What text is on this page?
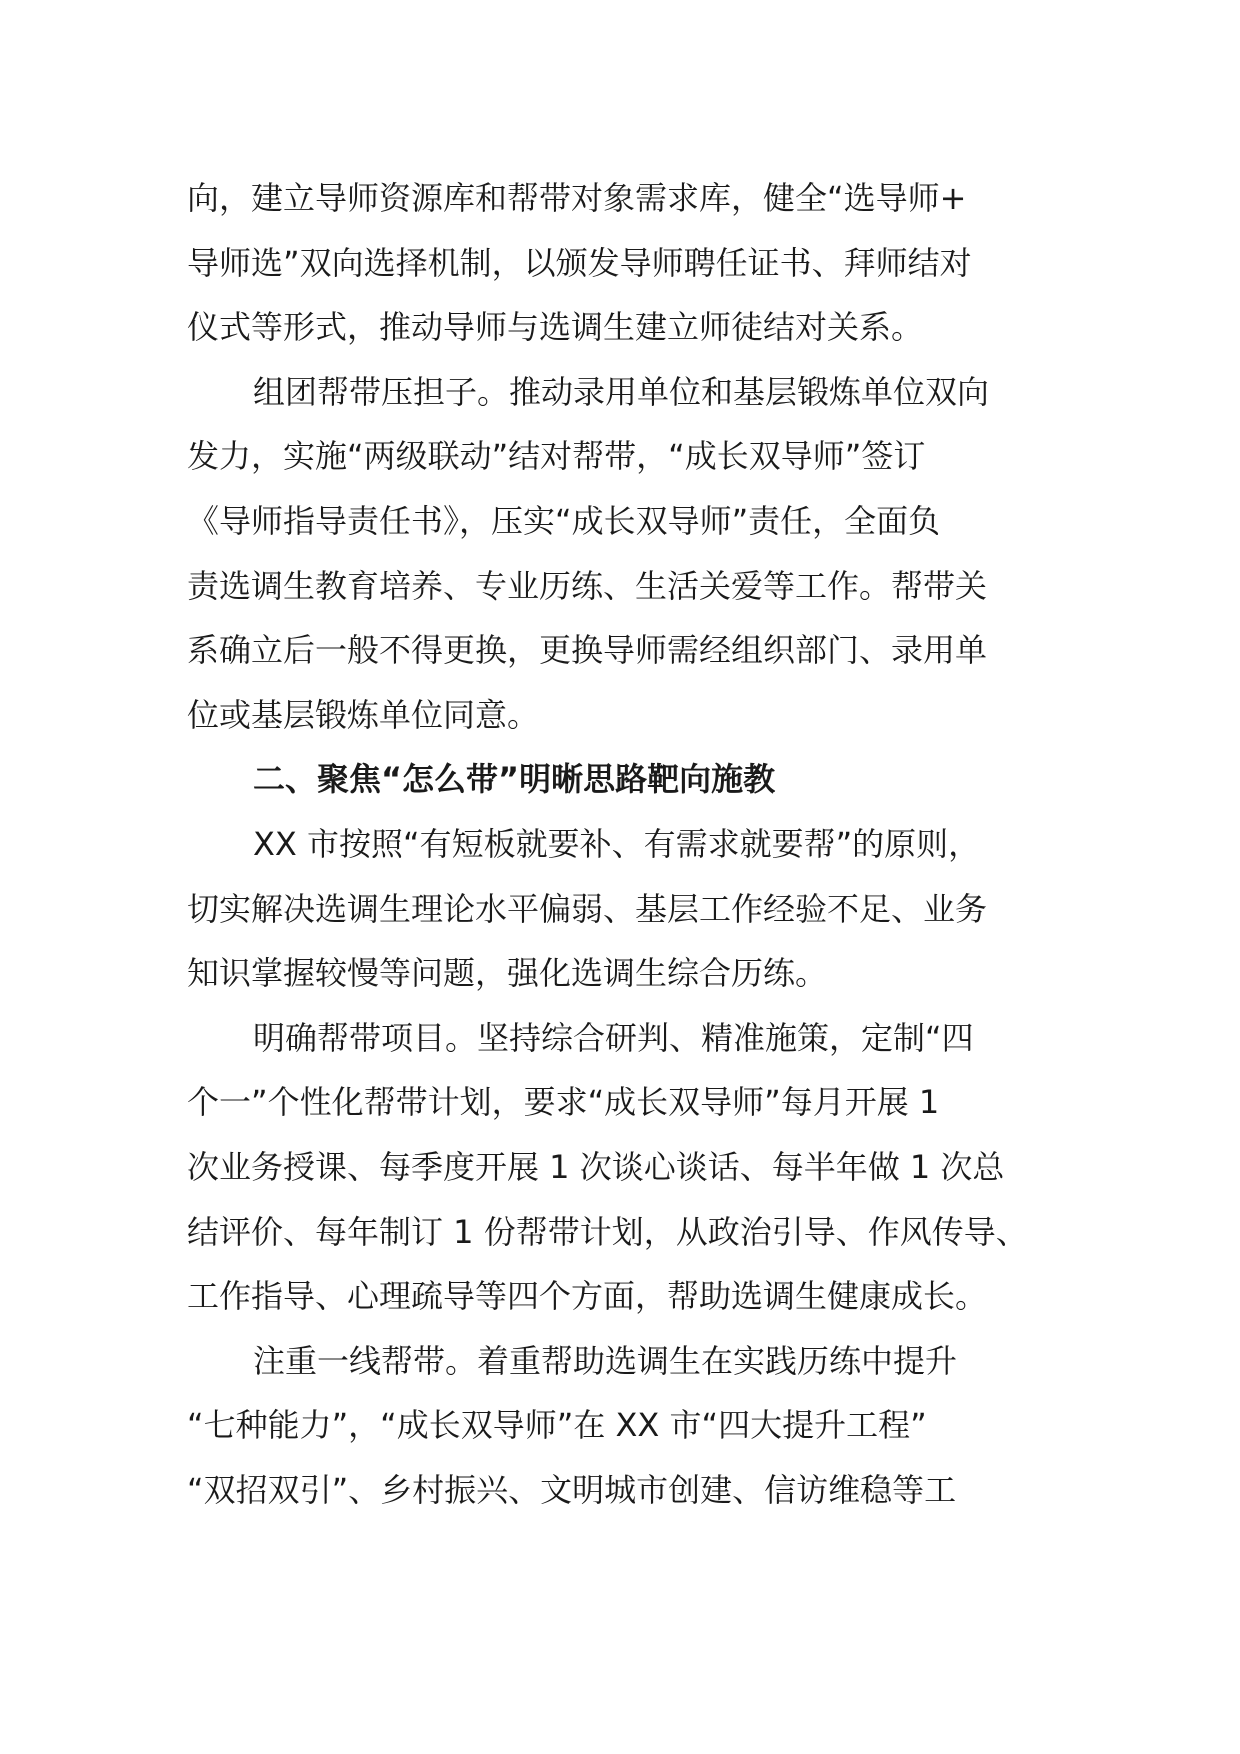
向，建立导师资源库和帮带对象需求库，健全“选导师+
导师选”双向选择机制，以颁发导师聘任证书、拜师结对
仪式等形式，推动导师与选调生建立师徒结对关系。
组团帮带压担子。推动录用单位和基层锻炼单位双向
发力，实施“两级联动”结对帮带，“成长双导师”签订
《导师指导责任书》，压实“成长双导师”责任，全面负
责选调生教育培养、专业历练、生活关爱等工作。帮带关
系确立后一般不得更换，更换导师需经组织部门、录用单
位或基层锻炼单位同意。
二、聚焦“怎么带”明晰思路靶向施教
XX 市按照“有短板就要补、有需求就要帮”的原则，
切实解决选调生理论水平偏弱、基层工作经验不足、业务
知识掌握较慢等问题，强化选调生综合历练。
明确帮带项目。坚持综合研判、精准施策，定制“四
个一”个性化帮带计划，要求“成长双导师”每月开展 1
次业务授课、每季度开展 1 次谈心谈话、每半年做 1 次总
结评价、每年制订 1 份帮带计划，从政治引导、作风传导、
工作指导、心理疏导等四个方面，帮助选调生健康成长。
注重一线帮带。着重帮助选调生在实践历练中提升
“七种能力”，“成长双导师”在 XX 市“四大提升工程”
“双招双引”、乡村振兴、文明城市创建、信访维稳等工
